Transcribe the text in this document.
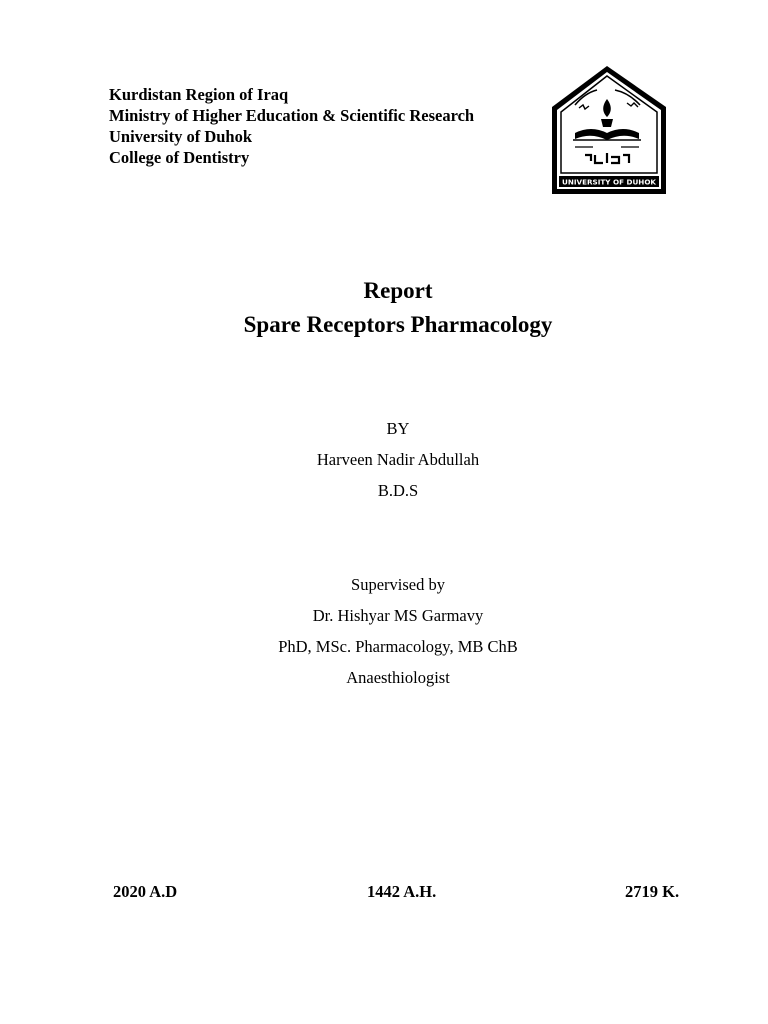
Kurdistan Region of Iraq
Ministry of Higher Education & Scientific Research
University of Duhok
College of Dentistry
UNIVERSITY OF DUHOK
Report
Spare Receptors Pharmacology
BY
Harveen Nadir Abdullah
B.D.S
Supervised by
Dr. Hishyar MS Garmavy
PhD, MSc. Pharmacology, MB ChB
Anaesthiologist
2020 A.D	1442 A.H.	2719 K.
